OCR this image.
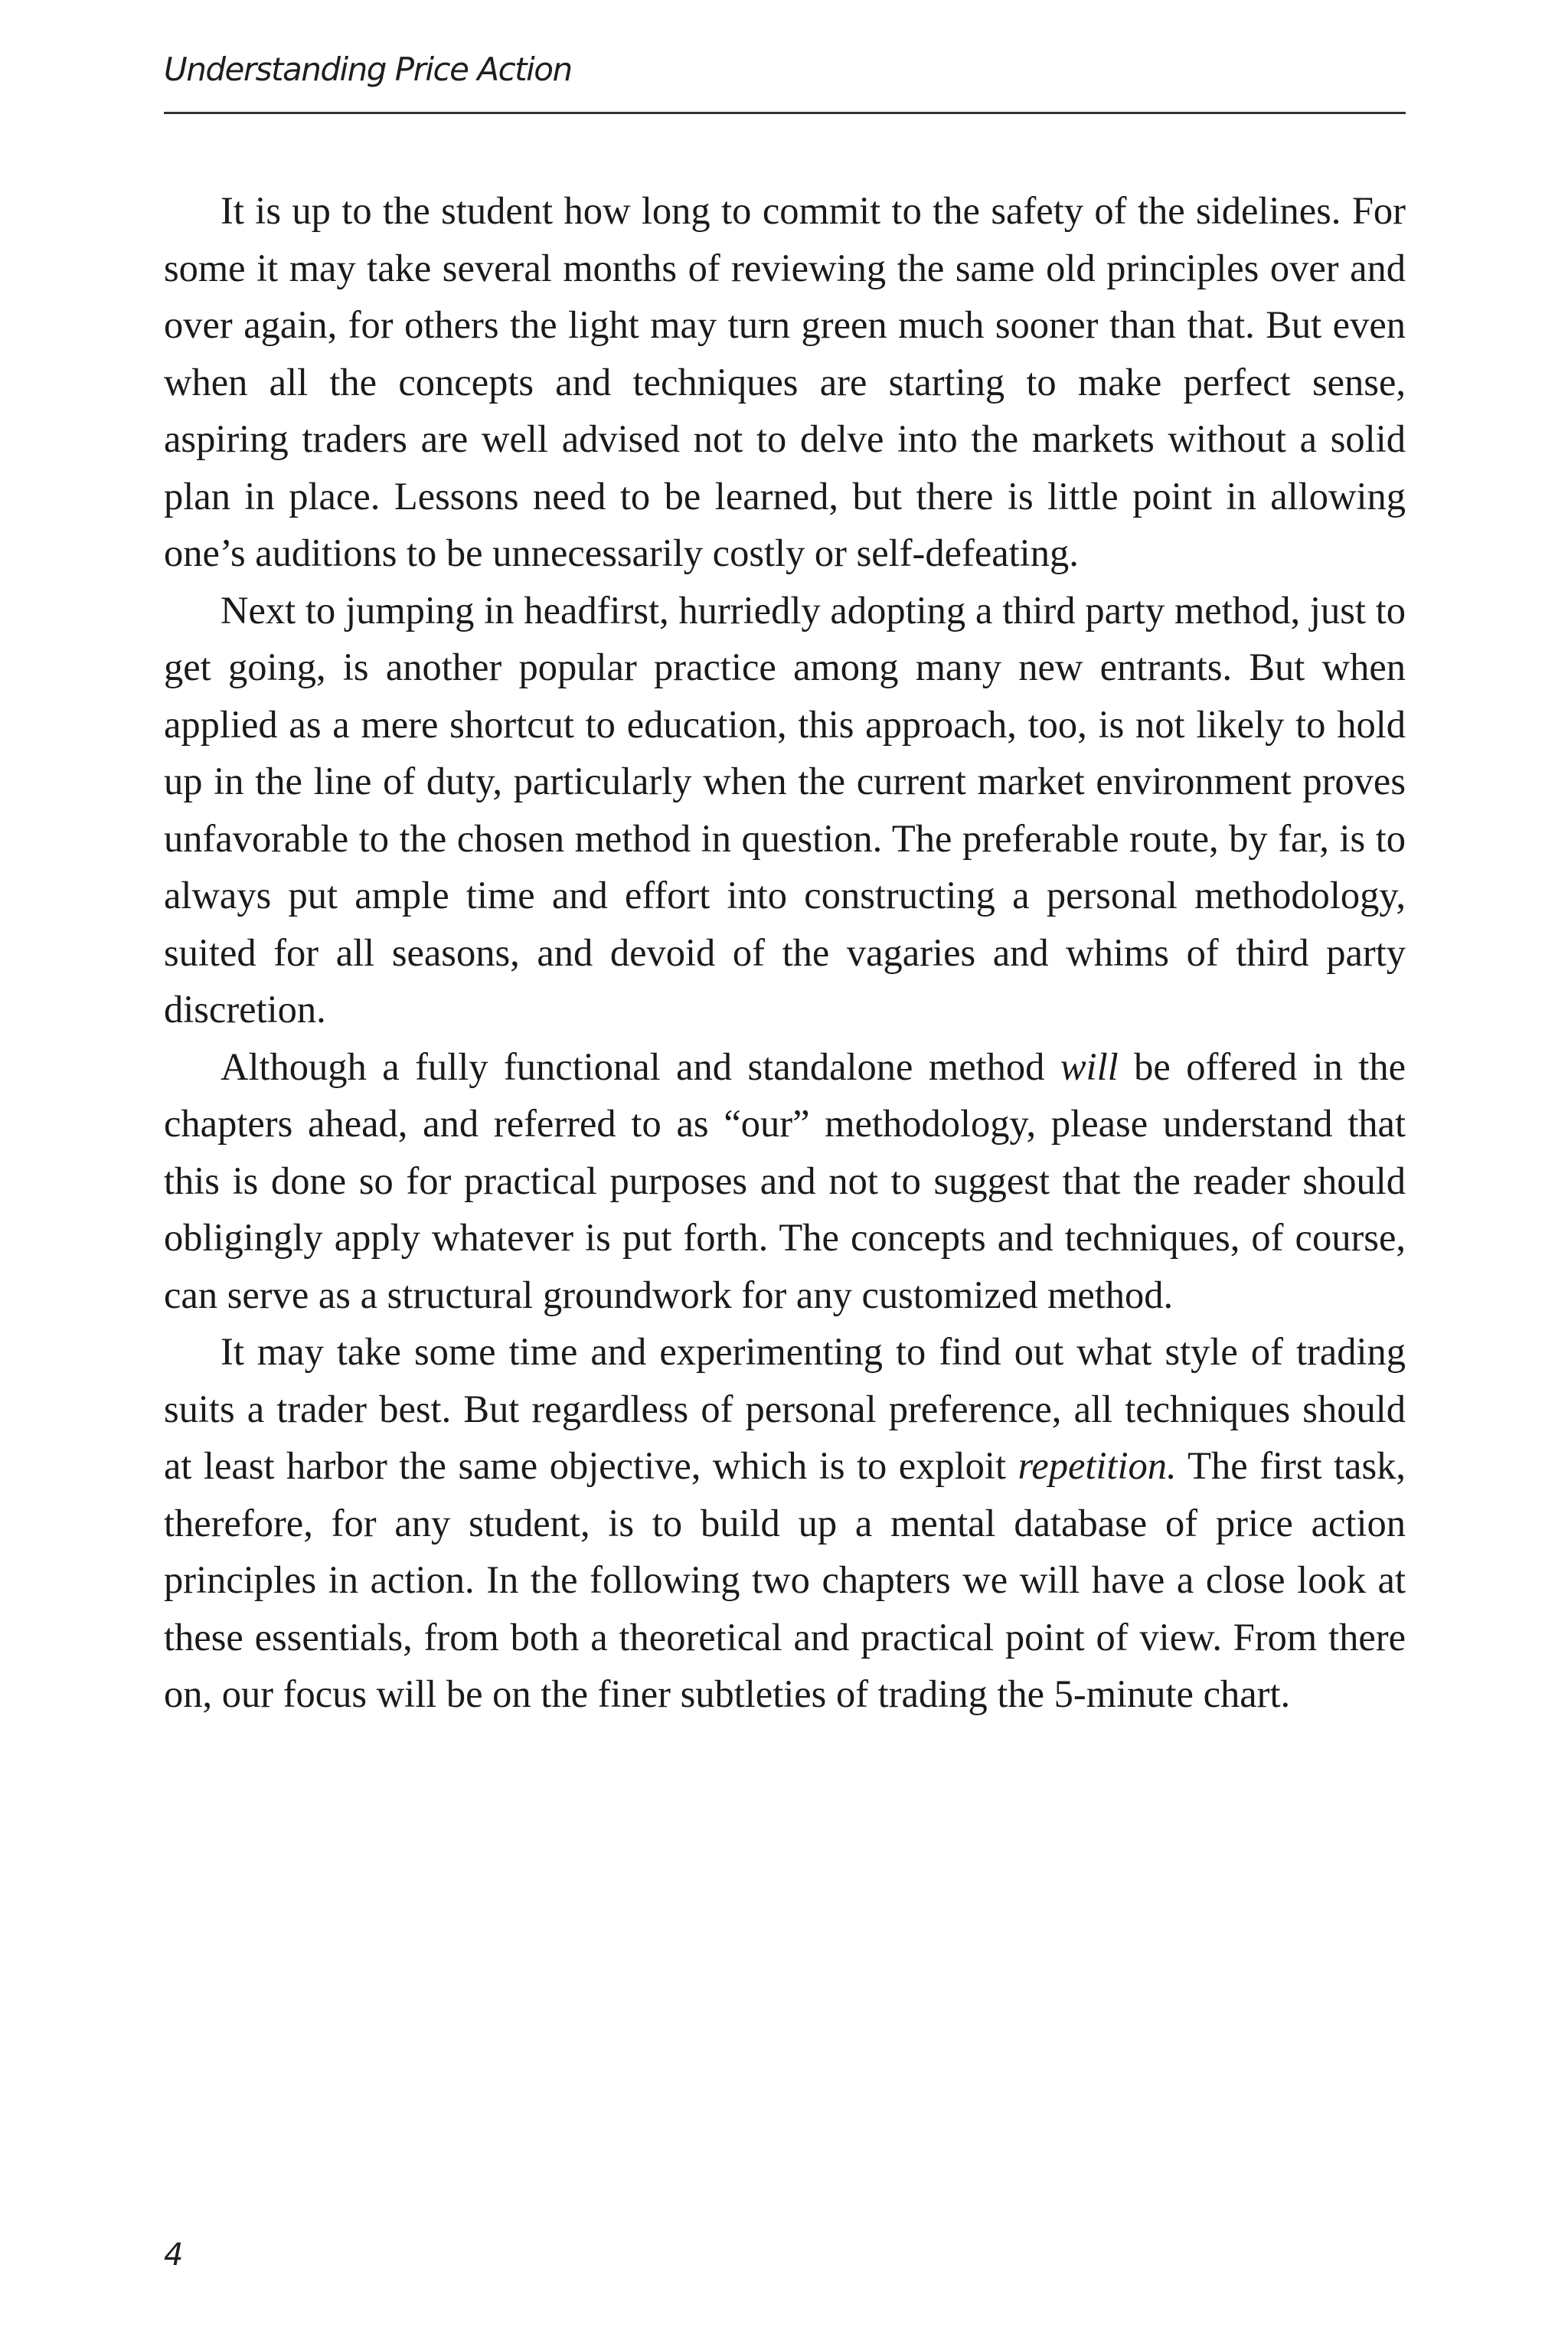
Understanding Price Action

It is up to the student how long to commit to the safety of the sidelines. For some it may take several months of reviewing the same old principles over and over again, for others the light may turn green much sooner than that. But even when all the concepts and techniques are starting to make perfect sense, aspiring traders are well advised not to delve into the markets without a solid plan in place. Lessons need to be learned, but there is little point in allowing one’s auditions to be unnecessarily costly or self-defeating.

Next to jumping in headfirst, hurriedly adopting a third party method, just to get going, is another popular practice among many new entrants. But when applied as a mere shortcut to education, this approach, too, is not likely to hold up in the line of duty, particularly when the current market environment proves unfavorable to the chosen method in question. The preferable route, by far, is to always put ample time and effort into constructing a personal methodology, suited for all seasons, and devoid of the vagaries and whims of third party discretion.

Although a fully functional and standalone method will be offered in the chapters ahead, and referred to as “our” methodology, please understand that this is done so for practical purposes and not to suggest that the reader should obligingly apply whatever is put forth. The concepts and techniques, of course, can serve as a structural groundwork for any customized method.

It may take some time and experimenting to find out what style of trading suits a trader best. But regardless of personal preference, all techniques should at least harbor the same objective, which is to exploit repetition. The first task, therefore, for any student, is to build up a mental database of price action principles in action. In the following two chapters we will have a close look at these essentials, from both a theoretical and practical point of view. From there on, our focus will be on the finer subtleties of trading the 5-minute chart.

4
